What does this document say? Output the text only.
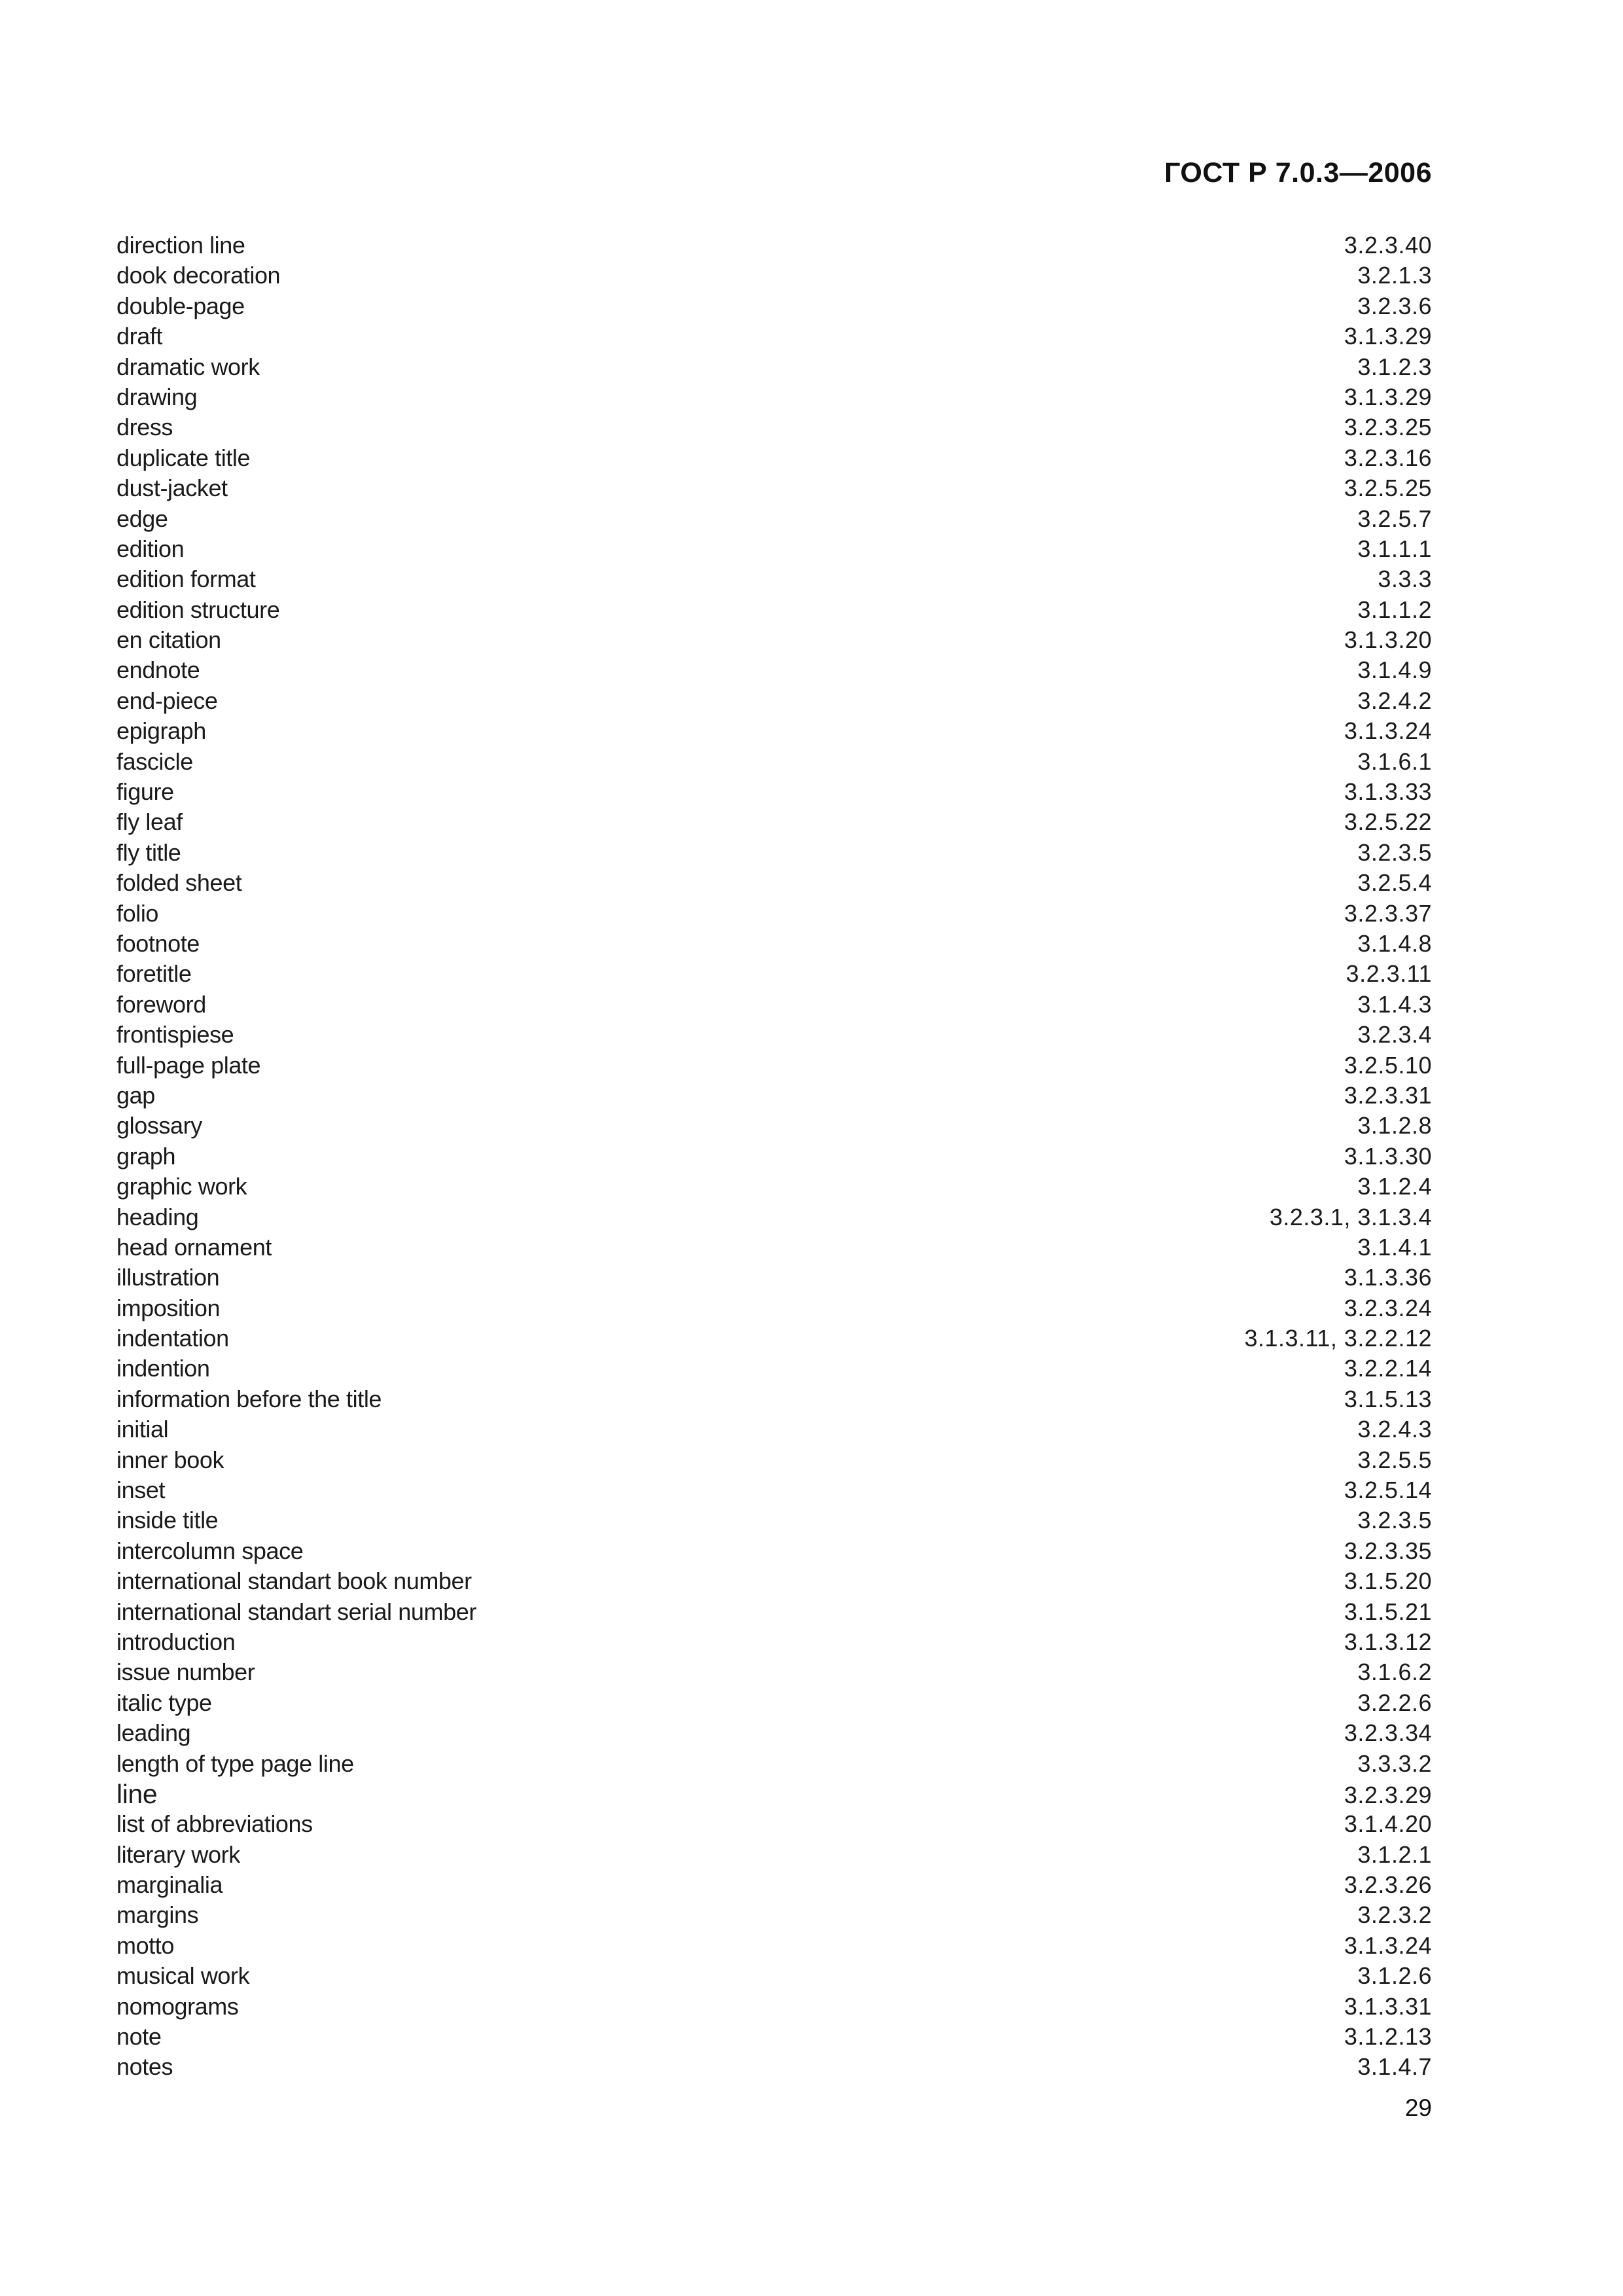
ГОСТ Р 7.0.3—2006
direction line	3.2.3.40
dook decoration	3.2.1.3
double-page	3.2.3.6
draft	3.1.3.29
dramatic work	3.1.2.3
drawing	3.1.3.29
dress	3.2.3.25
duplicate title	3.2.3.16
dust-jacket	3.2.5.25
edge	3.2.5.7
edition	3.1.1.1
edition format	3.3.3
edition structure	3.1.1.2
en citation	3.1.3.20
endnote	3.1.4.9
end-piece	3.2.4.2
epigraph	3.1.3.24
fascicle	3.1.6.1
figure	3.1.3.33
fly leaf	3.2.5.22
fly title	3.2.3.5
folded sheet	3.2.5.4
folio	3.2.3.37
footnote	3.1.4.8
foretitle	3.2.3.11
foreword	3.1.4.3
frontispiese	3.2.3.4
full-page plate	3.2.5.10
gap	3.2.3.31
glossary	3.1.2.8
graph	3.1.3.30
graphic work	3.1.2.4
heading	3.2.3.1, 3.1.3.4
head ornament	3.1.4.1
illustration	3.1.3.36
imposition	3.2.3.24
indentation	3.1.3.11, 3.2.2.12
indention	3.2.2.14
information before the title	3.1.5.13
initial	3.2.4.3
inner book	3.2.5.5
inset	3.2.5.14
inside title	3.2.3.5
intercolumn space	3.2.3.35
international standart book number	3.1.5.20
international standart serial number	3.1.5.21
introduction	3.1.3.12
issue number	3.1.6.2
italic type	3.2.2.6
leading	3.2.3.34
length of type page line	3.3.3.2
line	3.2.3.29
list of abbreviations	3.1.4.20
literary work	3.1.2.1
marginalia	3.2.3.26
margins	3.2.3.2
motto	3.1.3.24
musical work	3.1.2.6
nomograms	3.1.3.31
note	3.1.2.13
notes	3.1.4.7
29
